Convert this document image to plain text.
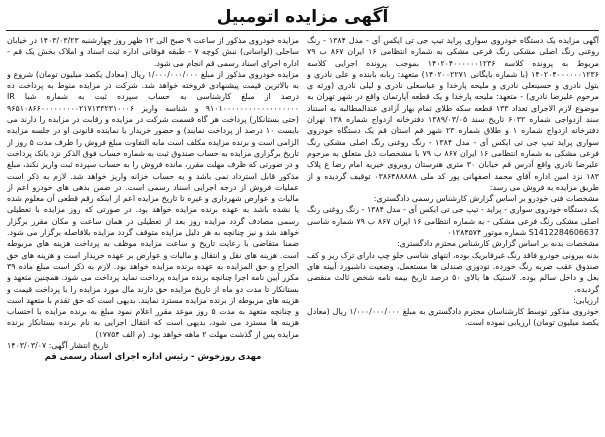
آگهی مزایده اتومبیل

آگهی مزایده یک دستگاه خودروی سواری پراید تیپ جی تی ایکس آی - مدل ۱۳۸۴ - رنگ روغنی رنگ اصلی مشکی رنگ فرعی مشکی به شماره انتظامی ۱۶ ایران ۸۶۷ ب ۷۹ مربوط به پرونده کلاسه ۱۴۰۲۰۴۰۰۰۰۰۰۱۲۳۶ بموجب پرونده اجرایی کلاسه ۱۴۰۲۰۴۰۰۰۰۰۰۱۲۳۶ (با شماره بایگانی ۱۴۰۲۰۰۲۲۷۱) متعهد: ربابه بابنده و علی نادری و بتول نادری و حسینعلی نادری و ملیحه پارخدا و عباسعلی نادری و لیلی نادری (ورثه ی مرحوم علیرضا نادری) - متعهد: ملیحه پارخدا و یک قطعه آپارتمان واقع در شهر تهران به موضوع لازم الاجرای تعداد ۱۳۳ قطعه سکه طلای تمام بهار آزادی عندالمطالبه به استناد سند ازدواجی شماره ۶۰۳۲ تاریخ سند ۱۳۸۹/۰۳/۰۵ دفترخانه ازدواج شماره ۱۳۸ تهران دفترخانه ازدواج شماره ۱ و طلاق شماره ۲۳ شهر قم استان قم یک دستگاه خودروی سواری پراید تیپ جی تی ایکس آی - مدل ۱۳۸۴ - رنگ روغنی رنگ اصلی مشکی رنگ فرعی مشکی به شماره انتظامی ۱۶ ایران ۸۶۷ ب ۷۹ با مشخصات ذیل متعلق به مرحوم علیرضا نادری واقع آدرس قم خیابان ۳۰ متری هنرستان روبروی خیریه امام رضا ع پلاک ۱۸۳ نزد امین اداره آقای محمد اصفهانی پور کد ملی ۰۳۸۶۴۸۸۸۸۸ توقیف گردیده و از طریق مزایده به فروش می رسد:

مشخصات فنی خودرو بر اساس گزارش کارشناس رسمی دادگستری:

یک دستگاه خودروی سواری - پراید - تیپ جی تی ایکس آی - مدل ۱۳۸۴ - رنگ روغنی رنگ اصلی مشکی رنگ فرعی مشکی - به شماره انتظامی ۱۶ ایران ۸۶۷ ب ۷۹ شماره شاسی S1412284606637 شماره موتور ۰۱۲۸۴۵۷۴

مشخصات بدنه بر اساس گزارش کارشناس محترم دادگستری:

بدنه بیرونی خودرو فاقد رنگ غیرفابریک بوده، انتهای شاسی جلو چپ دارای ترک ریز و کف صندوق عقب ضربه رنگ خورده. تودوزی صندلی ها مستعمل، وضعیت داشبورد آیینه های بغل و داخل سالم بوده. لاستیک ها بالای ۵۰ درصد تاریخ بیمه نامه شخص ثالث منقضی گردیده.

ارزیابی:

خودروی مذکور توسط کارشناسان محترم دادگستری به مبلغ ۱/۰۰۰/۰۰۰/۰۰۰ ریال (معادل یکصد میلیون تومان) ارزیابی نموده است.

مزایده خودروی مذکور از ساعت ۹ صبح الی ۱۲ ظهر روز چهارشنبه ۱۴۰۳/۰۳/۲۳ در خیابان ساحلی (لواسانی) نبش کوچه ۷ - طبقه فوقانی اداره ثبت اسناد و املاک بخش یک قم - اداره اجرای اسناد رسمی قم انجام می شود.

مزایده خودروی مذکور از مبلغ ۱/۰۰۰/۰۰۰/۰۰۰ ریال (معادل یکصد میلیون تومان) شروع و به بالاترین قیمت پیشنهادی فروخته خواهد شد. شرکت در مزایده منوط به پرداخت ده درصد از مبلغ کارشناسی به حساب سپرده ثبت به شماره شبا IR ۹۱۰۱۰۰۰۰۰۰۰۰۰۰۰۰۰۰۰۰۰۰ و شناسه واریز ۹۶۵۱۰۸۶۶۰۰۰۰۰۰۰۰۰۲۱۷۱۳۳۲۳۱۰۰۰۶ (حتی بستانکار) پرداخت هر گاه قسمت شرکت در مزایده و رقابت در مزایده را دارند می بایست ۱۰ درصد از پرداخت نمایند) و حضور خریدار یا نماینده قانونی او در جلسه مزایده الزامی است و برنده مزایده مکلف است مابه التفاوت مبلغ فروش را ظرف مدت ۵ روز از تاریخ برگزاری مزایده به حساب صندوق ثبت به شماره حساب فوق الذکر نزد بانک پرداخت و در صورتی که ظرف مهلت مقرر، مانده فروش را به حساب سپرده ثبت واریز نکند، مبلغ مذکور قابل استرداد نمی باشد و به حساب خزانه واریز خواهد شد. لازم به ذکر است عملیات فروش از درجه اجرایی اسناد رسمی است. در ضمن بدهی های خودرو اعم از مالیات و عوارض شهرداری و غیره تا تاریخ مزایده اعم از اینکه رقم قطعی آن معلوم شده یا نشده باشد به عهده برنده مزایده خواهد بود. در صورتی که روز مزایده با تعطیلی رسمی مصادف گردد مزایده روز بعد از تعطیلی در همان ساعت و مکان مقرر برگزار خواهد شد و نیز چنانچه به هر دلیل مزایده متوقف گردد مزایده بلافاصله برگزار می شود. ضمنا متقاضی با رعایت تاریخ و ساعت مزایده موظف به پرداخت هزینه های مربوطه است. هزینه های نقل و انتقال و مالیات و عوارض بر عهده خریدار است و هزینه های حق الحراج و حق المزایده به عهده برنده مزایده خواهد بود. لازم به ذکر است مبلغ ماده ۳۹ مکرر آیین نامه اجرا چنانچه برنده مزایده پرداخت نماید پرداخت می شود. همچنین متعهد و بستانکار تا مدت دو ماه از تاریخ مزایده حق دارند مال مورد مزایده را با پرداخت قیمت و هزینه های مربوطه از برنده مزایده مسترد نمایند. بدیهی است که حق تقدم با متعهد است و چنانچه متعهد به مدت ۵ روز موعد مقرر اعلام نمود مبلغ به برنده مزایده با احتساب هزینه ها مسترد می شود، بدیهی است که انتقال اجرایی به نام برنده بستانکار برنده مزایده پس از گذشت مهلت ۲ ماهه خواهد بود. (م الف ۱۷۷۵۴)

تاریخ انتشار آگهی: ۱۴۰۳/۰۳/۰۷

مهدی روزخوش - رئیس اداره اجرای اسناد رسمی قم
